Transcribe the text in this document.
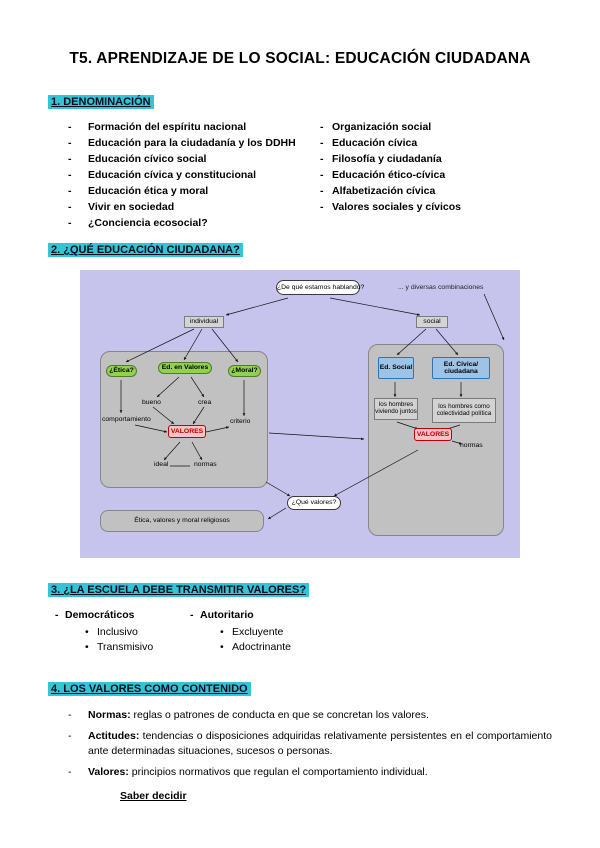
T5. APRENDIZAJE DE LO SOCIAL: EDUCACIÓN CIUDADANA
1. DENOMINACIÓN
- Formación del espíritu nacional
- Educación para la ciudadanía y los DDHH
- Educación cívico social
- Educación cívica y constitucional
- Educación ética y moral
- Vivir en sociedad
- ¿Conciencia ecosocial?
- Organización social
- Educación cívica
- Filosofía y ciudadanía
- Educación ético-cívica
- Alfabetización cívica
- Valores sociales y cívicos
2. ¿QUÉ EDUCACIÓN CIUDADANA?
¿De qué estamos hablando?	... y diversas combinaciones
individual	social
¿Ética?	Ed. en Valores	¿Moral?
bueno	crea
comportamiento
VALORES
criterio
ideal	normas
Ed. Social
Ed. Cívica/ ciudadana
los hombres viviendo juntos
los hombres como colectividad política
VALORES
normas
¿Qué valores?
Ética, valores y moral religiosos
3. ¿LA ESCUELA DEBE TRANSMITIR VALORES?
- Democráticos
• Inclusivo
• Transmisivo
- Autoritario
• Excluyente
• Adoctrinante
4. LOS VALORES COMO CONTENIDO
- Normas: reglas o patrones de conducta en que se concretan los valores.
- Actitudes: tendencias o disposiciones adquiridas relativamente persistentes en el comportamiento ante determinadas situaciones, sucesos o personas.
- Valores: principios normativos que regulan el comportamiento individual.
Saber decidir
